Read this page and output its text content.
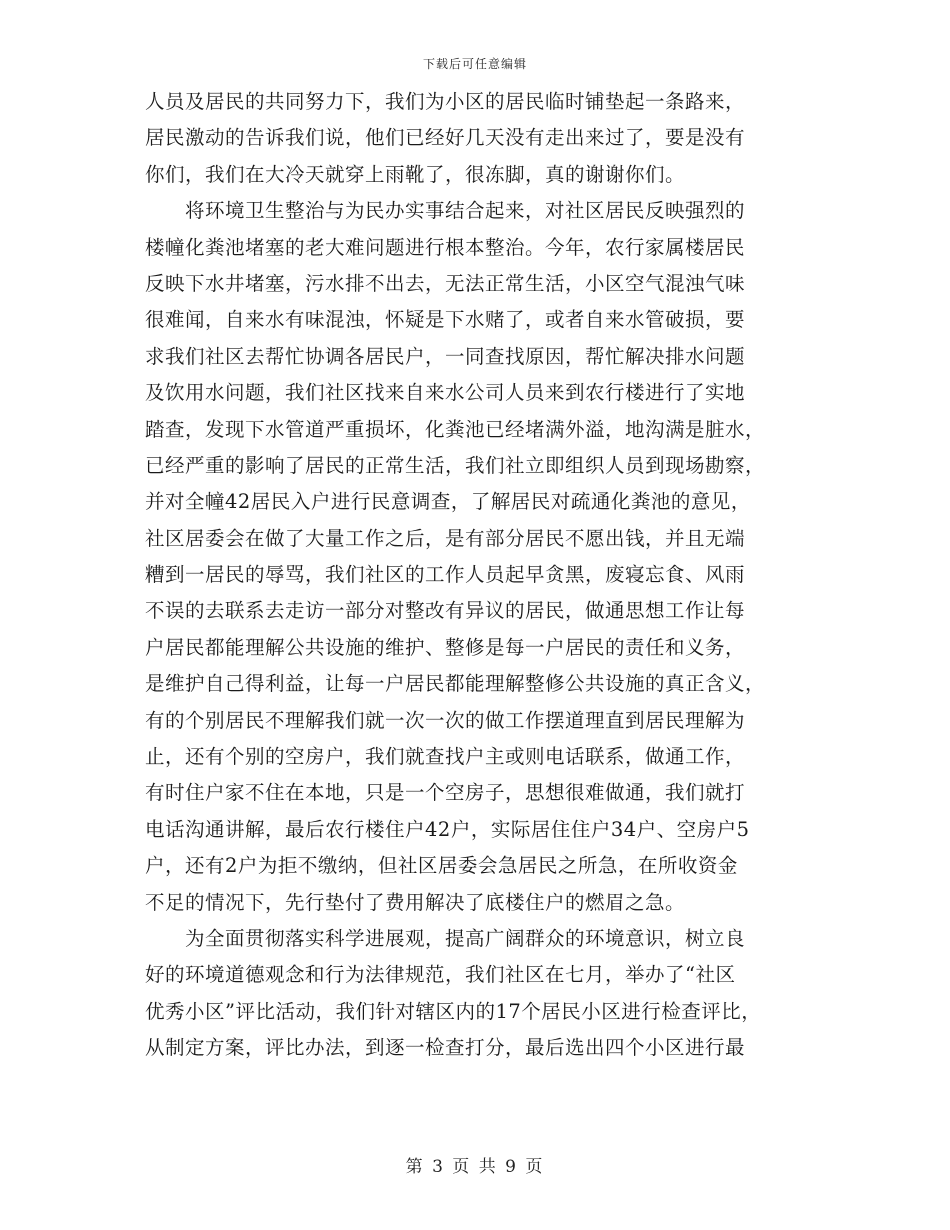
下载后可任意编辑
人员及居民的共同努力下，我们为小区的居民临时铺垫起一条路来，
居民激动的告诉我们说，他们已经好几天没有走出来过了，要是没有
你们，我们在大冷天就穿上雨靴了，很冻脚，真的谢谢你们。
将环境卫生整治与为民办实事结合起来，对社区居民反映强烈的
楼幢化粪池堵塞的老大难问题进行根本整治。今年，农行家属楼居民
反映下水井堵塞，污水排不出去，无法正常生活，小区空气混浊气味
很难闻，自来水有味混浊，怀疑是下水赌了，或者自来水管破损，要
求我们社区去帮忙协调各居民户，一同查找原因，帮忙解决排水问题
及饮用水问题，我们社区找来自来水公司人员来到农行楼进行了实地
踏查，发现下水管道严重损坏，化粪池已经堵满外溢，地沟满是脏水，
已经严重的影响了居民的正常生活，我们社立即组织人员到现场勘察，
并对全幢42居民入户进行民意调查，了解居民对疏通化粪池的意见，
社区居委会在做了大量工作之后，是有部分居民不愿出钱，并且无端
糟到一居民的辱骂，我们社区的工作人员起早贪黑，废寝忘食、风雨
不误的去联系去走访一部分对整改有异议的居民，做通思想工作让每
户居民都能理解公共设施的维护、整修是每一户居民的责任和义务，
是维护自己得利益，让每一户居民都能理解整修公共设施的真正含义，
有的个别居民不理解我们就一次一次的做工作摆道理直到居民理解为
止，还有个别的空房户，我们就查找户主或则电话联系，做通工作，
有时住户家不住在本地，只是一个空房子，思想很难做通，我们就打
电话沟通讲解，最后农行楼住户42户，实际居住住户34户、空房户5
户，还有2户为拒不缴纳，但社区居委会急居民之所急，在所收资金
不足的情况下，先行垫付了费用解决了底楼住户的燃眉之急。
为全面贯彻落实科学进展观，提高广阔群众的环境意识，树立良
好的环境道德观念和行为法律规范，我们社区在七月，举办了“社区
优秀小区”评比活动，我们针对辖区内的17个居民小区进行检查评比，
从制定方案，评比办法，到逐一检查打分，最后选出四个小区进行最
第 3 页 共 9 页
